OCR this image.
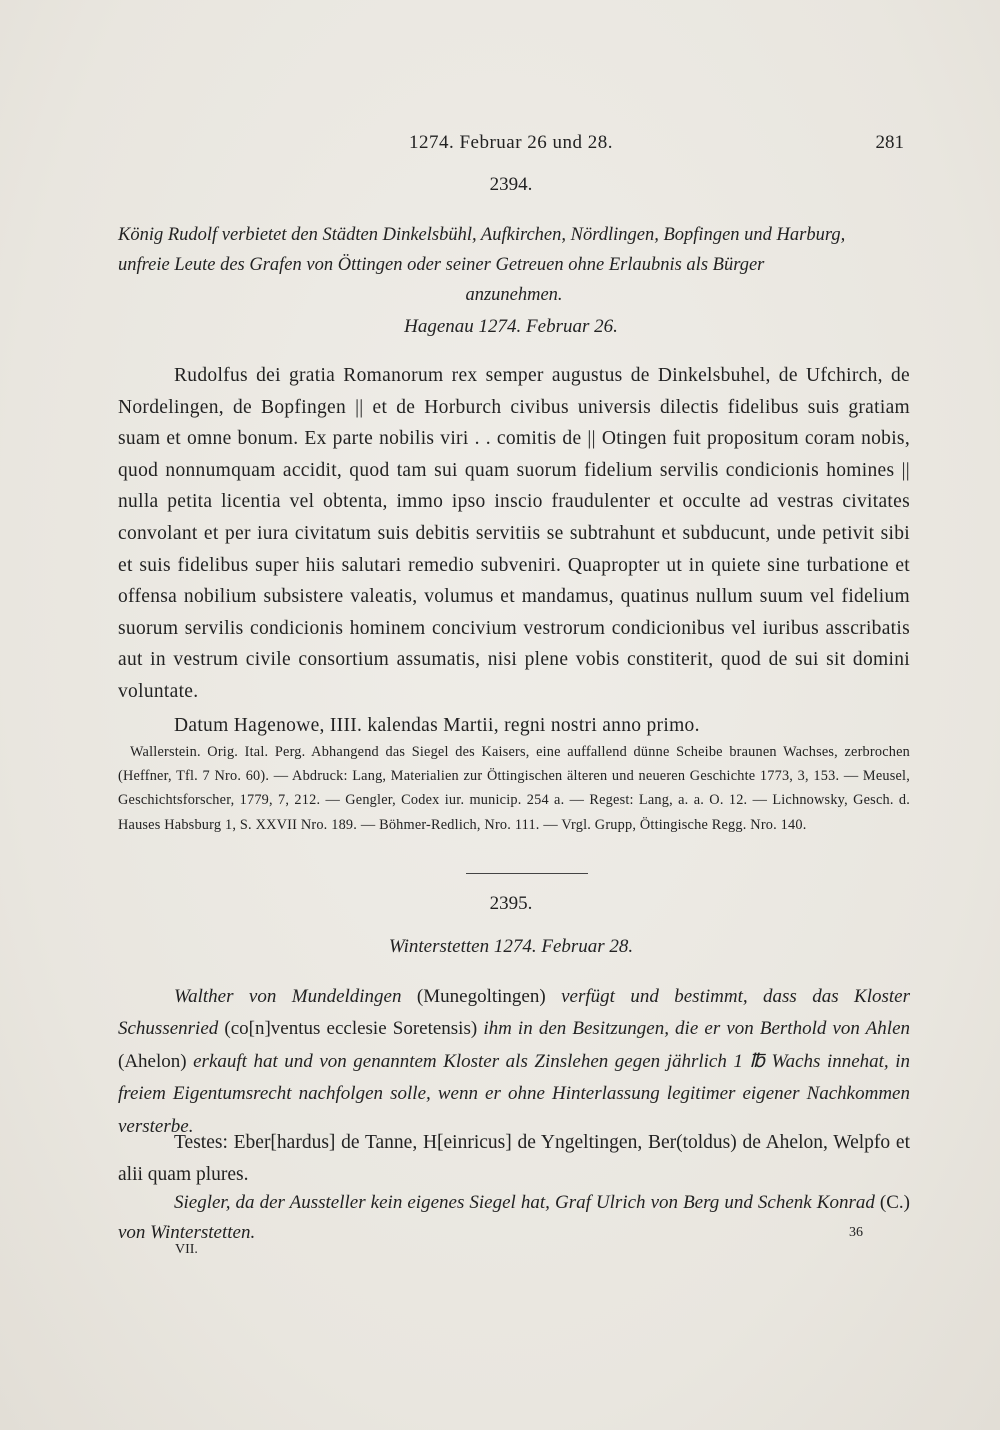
1274. Februar 26 und 28.	281
2394.

König Rudolf verbietet den Städten Dinkelsbühl, Aufkirchen, Nördlingen, Bopfingen und Harburg,

unfreie Leute des Grafen von Öttingen oder seiner Getreuen ohne Erlaubnis als Bürger

anzunehmen.

Hagenau 1274. Februar 26.

Rudolfus dei gratia Romanorum rex semper augustus de Dinkelsbuhel, de Ufchirch, de Nordelingen, de Bopfingen || et de Horburch civibus universis dilectis fidelibus suis gratiam suam et omne bonum. Ex parte nobilis viri . . comitis de || Otingen fuit propositum coram nobis, quod nonnumquam accidit, quod tam sui quam suorum fidelium servilis condicionis homines || nulla petita licentia vel obtenta, immo ipso inscio fraudulenter et occulte ad vestras civitates convolant et per iura civitatum suis debitis servitiis se subtrahunt et subducunt, unde petivit sibi et suis fidelibus super hiis salutari remedio subveniri. Quapropter ut in quiete sine turbatione et offensa nobilium subsistere valeatis, volumus et mandamus, quatinus nullum suum vel fidelium suorum servilis condicionis hominem concivium vestrorum condicionibus vel iuribus asscribatis aut in vestrum civile consortium assumatis, nisi plene vobis constiterit, quod de sui sit domini voluntate.

Datum Hagenowe, IIII. kalendas Martii, regni nostri anno primo.

Wallerstein. Orig. Ital. Perg. Abhangend das Siegel des Kaisers, eine auffallend dünne Scheibe braunen Wachses, zerbrochen (Heffner, Tfl. 7 Nro. 60). — Abdruck: Lang, Materialien zur Öttingischen älteren und neueren Geschichte 1773, 3, 153. — Meusel, Geschichtsforscher, 1779, 7, 212. — Gengler, Codex iur. municip. 254 a. — Regest: Lang, a. a. O. 12. — Lichnowsky, Gesch. d. Hauses Habsburg 1, S. XXVII Nro. 189. — Böhmer-Redlich, Nro. 111. — Vrgl. Grupp, Öttingische Regg. Nro. 140.

2395.
Winterstetten 1274. Februar 28.

Walther von Mundeldingen (Munegoltingen) verfügt und bestimmt, dass das Kloster Schussenried (co[n]ventus ecclesie Soretensis) ihm in den Besitzungen, die er von Berthold von Ahlen (Ahelon) erkauft hat und von genanntem Kloster als Zinslehen gegen jährlich 1 ℔ Wachs innehat, in freiem Eigentumsrecht nachfolgen solle, wenn er ohne Hinterlassung legitimer eigener Nachkommen versterbe.

Testes: Eber[hardus] de Tanne, H[einricus] de Yngeltingen, Ber(toldus) de Ahelon, Welpfo et alii quam plures.

Siegler, da der Aussteller kein eigenes Siegel hat, Graf Ulrich von Berg und Schenk Konrad (C.) von Winterstetten.	36
VII.
